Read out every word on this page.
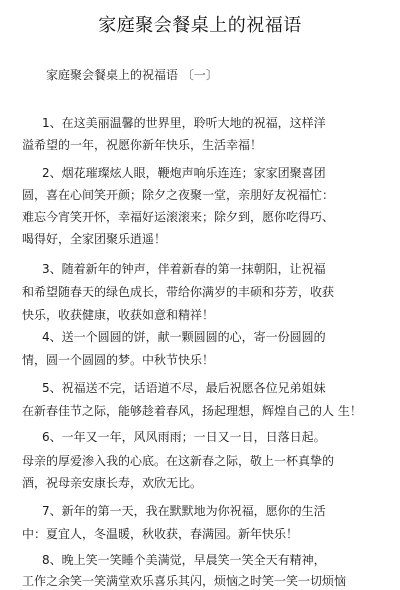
家庭聚会餐桌上的祝福语
家庭聚会餐桌上的祝福语 〔一〕
1、在这美丽温馨的世界里，聆听大地的祝福，这样洋
溢希望的一年，祝愿你新年快乐，生活幸福！
2、烟花璀璨炫人眼，鞭炮声响乐连连；家家团聚喜团
圆，喜在心间笑开颜；除夕之夜聚一堂，亲朋好友祝福忙：
难忘今宵笑开怀，幸福好运滚滚来；除夕到，愿你吃得巧、
喝得好，全家团聚乐逍遥！
3、随着新年的钟声，伴着新春的第一抹朝阳，让祝福
和希望随春天的绿色成长，带给你满岁的丰硕和芬芳，收获
快乐，收获健康，收获如意和精祥！
4、送一个圆圆的饼，献一颗圆圆的心，寄一份圆圆的
情，圆一个圆圆的梦。中秋节快乐！
5、祝福送不完，话语道不尽，最后祝愿各位兄弟姐妹
在新春佳节之际，能够趁着春风，扬起理想，辉煌自己的人 生！
6、一年又一年，风风雨雨；一日又一日，日落日起。
母亲的厚爱渗入我的心底。在这新春之际，敬上一杯真挚的
酒，祝母亲安康长寿，欢欣无比。
7、新年的第一天，我在默默地为你祝福，愿你的生活
中：夏宜人，冬温暖，秋收获，春满园。新年快乐！
8、晚上笑一笑睡个美满觉，早晨笑一笑全天有精神，
工作之余笑一笑满堂欢乐喜乐其闪，烦恼之时笑一笑一切烦恼
